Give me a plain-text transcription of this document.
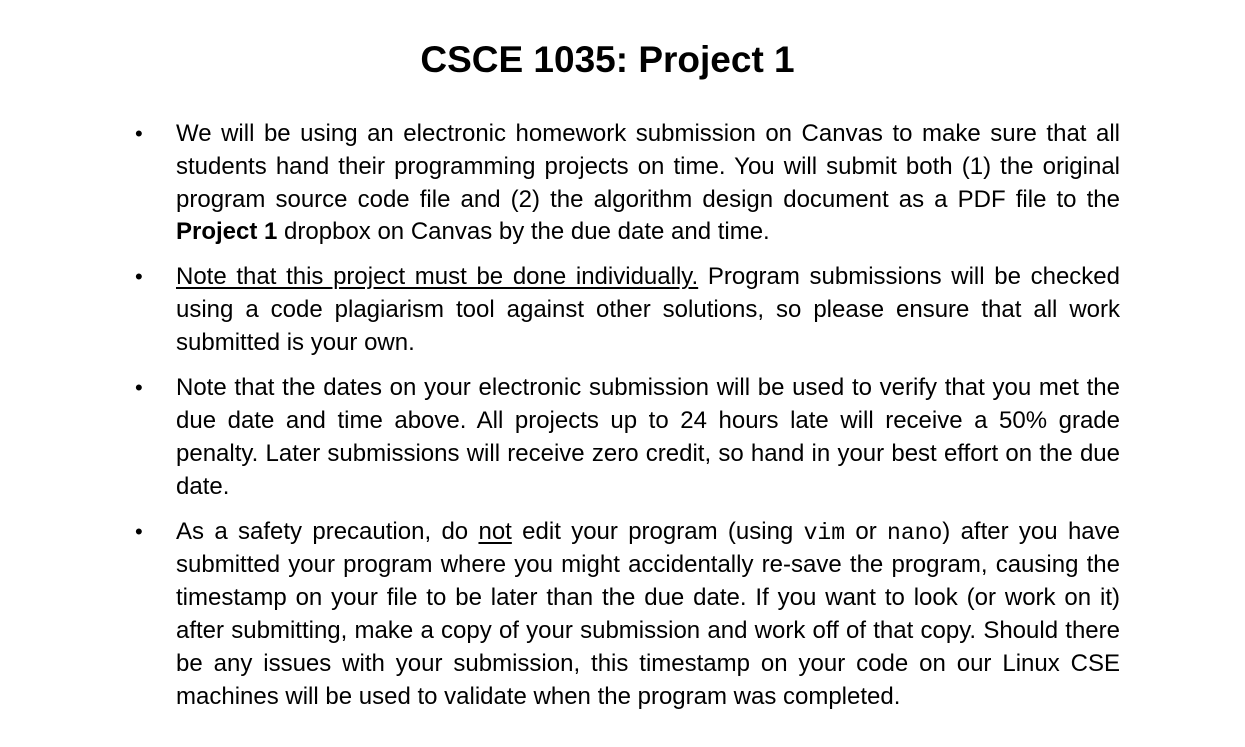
CSCE 1035: Project 1
• We will be using an electronic homework submission on Canvas to make sure that all students hand their programming projects on time. You will submit both (1) the original program source code file and (2) the algorithm design document as a PDF file to the Project 1 dropbox on Canvas by the due date and time.
• Note that this project must be done individually. Program submissions will be checked using a code plagiarism tool against other solutions, so please ensure that all work submitted is your own.
• Note that the dates on your electronic submission will be used to verify that you met the due date and time above. All projects up to 24 hours late will receive a 50% grade penalty. Later submissions will receive zero credit, so hand in your best effort on the due date.
• As a safety precaution, do not edit your program (using vim or nano) after you have submitted your program where you might accidentally re-save the program, causing the timestamp on your file to be later than the due date. If you want to look (or work on it) after submitting, make a copy of your submission and work off of that copy. Should there be any issues with your submission, this timestamp on your code on our Linux CSE machines will be used to validate when the program was completed.
